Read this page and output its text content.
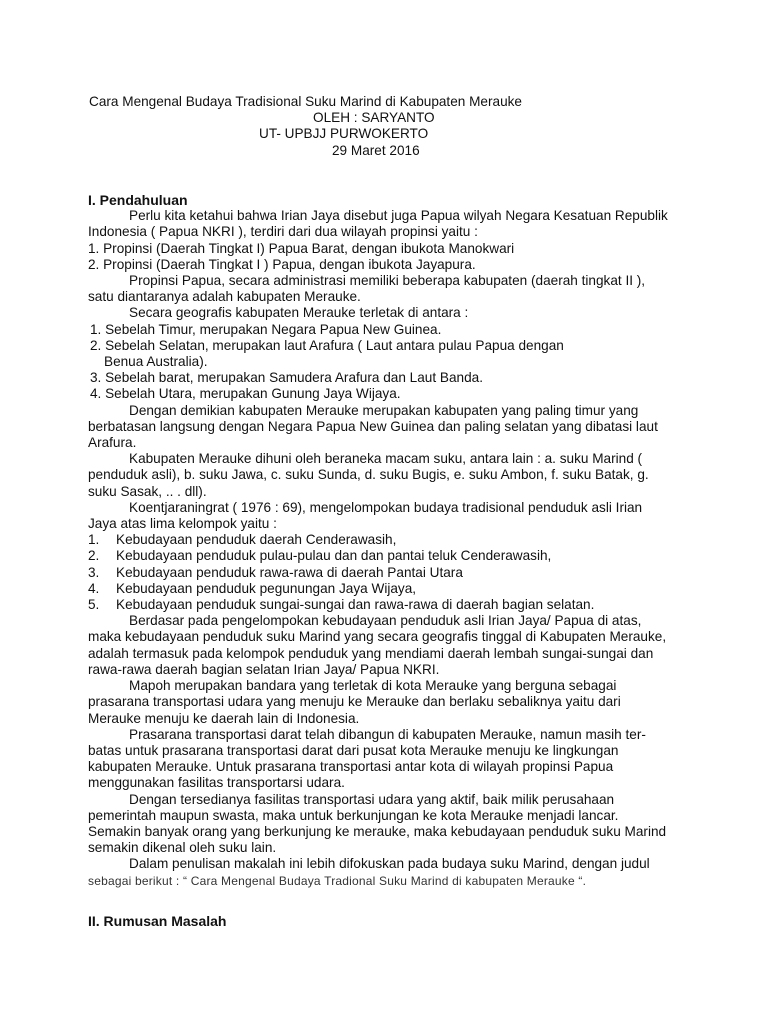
Cara Mengenal Budaya Tradisional Suku Marind di Kabupaten Merauke
OLEH : SARYANTO
UT- UPBJJ PURWOKERTO
29 Maret 2016
I. Pendahuluan
Perlu kita ketahui bahwa Irian Jaya disebut juga Papua wilyah Negara Kesatuan Republik
Indonesia ( Papua NKRI ), terdiri dari dua wilayah propinsi yaitu :
1. Propinsi (Daerah Tingkat I) Papua Barat, dengan ibukota Manokwari
2. Propinsi (Daerah Tingkat I ) Papua, dengan ibukota Jayapura.
Propinsi Papua, secara administrasi memiliki beberapa kabupaten (daerah tingkat II ),
satu diantaranya adalah kabupaten Merauke.
Secara geografis kabupaten Merauke terletak di antara :
1. Sebelah Timur, merupakan Negara Papua New Guinea.
2. Sebelah Selatan, merupakan laut Arafura ( Laut antara pulau Papua dengan
Benua Australia).
3. Sebelah barat, merupakan Samudera Arafura dan Laut Banda.
4. Sebelah Utara, merupakan Gunung Jaya Wijaya.
Dengan demikian kabupaten Merauke merupakan kabupaten yang paling timur yang
berbatasan langsung dengan Negara Papua New Guinea dan paling selatan yang dibatasi laut
Arafura.
Kabupaten Merauke dihuni oleh beraneka macam suku, antara lain : a. suku Marind (
penduduk asli), b. suku Jawa, c. suku Sunda, d. suku Bugis, e. suku Ambon, f. suku Batak, g.
suku Sasak, .. . dll).
Koentjaraningrat ( 1976 : 69), mengelompokan budaya tradisional penduduk asli Irian
Jaya atas lima kelompok yaitu :
1. Kebudayaan penduduk daerah Cenderawasih,
2. Kebudayaan penduduk pulau-pulau dan dan pantai teluk Cenderawasih,
3. Kebudayaan penduduk rawa-rawa di daerah Pantai Utara
4. Kebudayaan penduduk pegunungan Jaya Wijaya,
5. Kebudayaan penduduk sungai-sungai dan rawa-rawa di daerah bagian selatan.
Berdasar pada pengelompokan kebudayaan penduduk asli Irian Jaya/ Papua di atas,
maka kebudayaan penduduk suku Marind yang secara geografis tinggal di Kabupaten Merauke,
adalah termasuk pada kelompok penduduk yang mendiami daerah lembah sungai-sungai dan
rawa-rawa daerah bagian selatan Irian Jaya/ Papua NKRI.
Mapoh merupakan bandara yang terletak di kota Merauke yang berguna sebagai
prasarana transportasi udara yang menuju ke Merauke dan berlaku sebaliknya yaitu dari
Merauke menuju ke daerah lain di Indonesia.
Prasarana transportasi darat telah dibangun di kabupaten Merauke, namun masih ter-
batas untuk prasarana transportasi darat dari pusat kota Merauke menuju ke lingkungan
kabupaten Merauke. Untuk prasarana transportasi antar kota di wilayah propinsi Papua
menggunakan fasilitas transportarsi udara.
Dengan tersedianya fasilitas transportasi udara yang aktif, baik milik perusahaan
pemerintah maupun swasta, maka untuk berkunjungan ke kota Merauke menjadi lancar.
Semakin banyak orang yang berkunjung ke merauke, maka kebudayaan penduduk suku Marind
semakin dikenal oleh suku lain.
Dalam penulisan makalah ini lebih difokuskan pada budaya suku Marind, dengan judul
sebagai berikut : “ Cara Mengenal Budaya Tradional Suku Marind di kabupaten Merauke “.
II. Rumusan Masalah
